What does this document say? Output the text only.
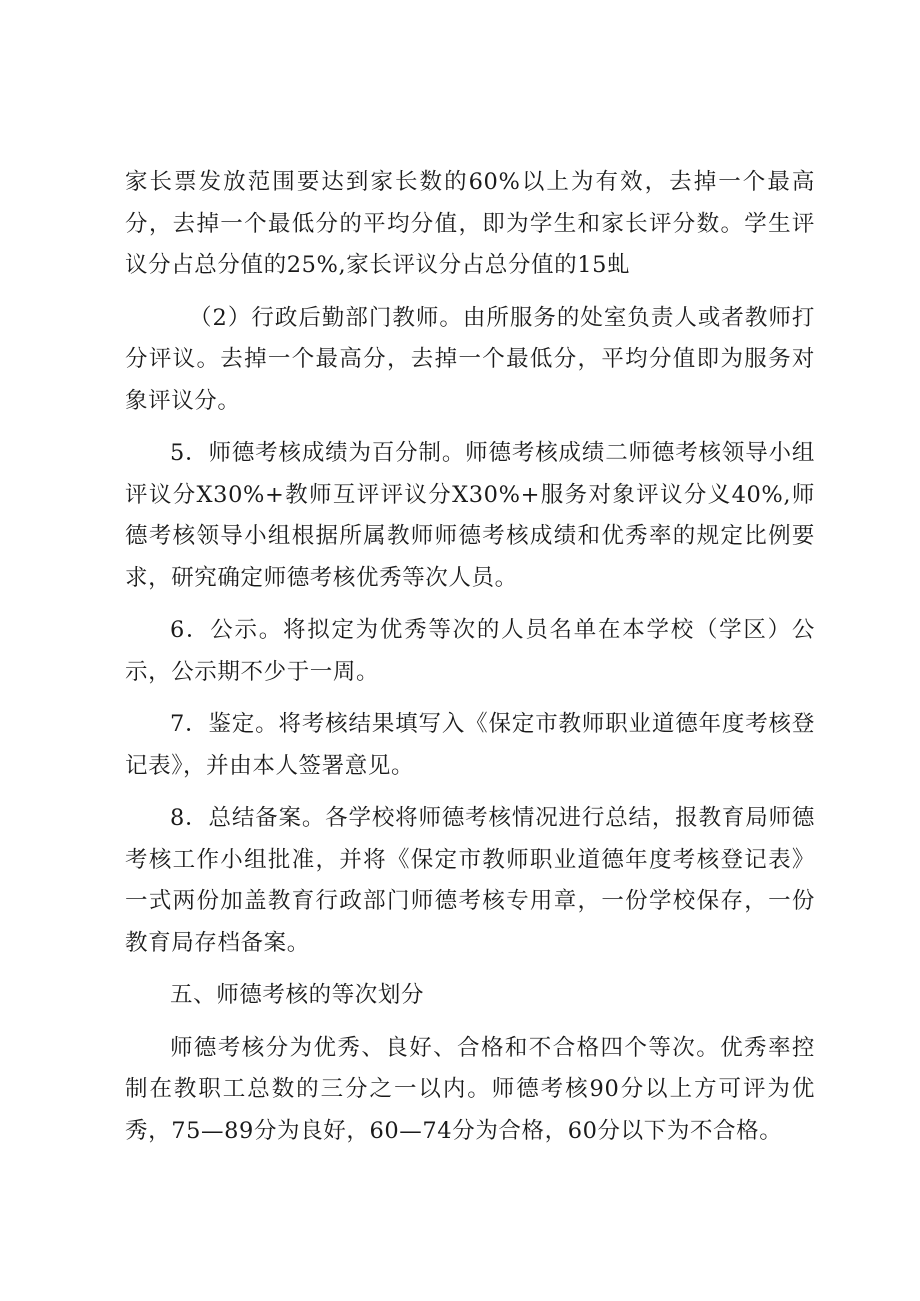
家长票发放范围要达到家长数的60%以上为有效，去掉一个最高分，去掉一个最低分的平均分值，即为学生和家长评分数。学生评议分占总分值的25%,家长评议分占总分值的15虬

（2）行政后勤部门教师。由所服务的处室负责人或者教师打分评议。去掉一个最高分，去掉一个最低分，平均分值即为服务对象评议分。

5．师德考核成绩为百分制。师德考核成绩二师德考核领导小组评议分X30%+教师互评评议分X30%+服务对象评议分义40%,师德考核领导小组根据所属教师师德考核成绩和优秀率的规定比例要求，研究确定师德考核优秀等次人员。

6．公示。将拟定为优秀等次的人员名单在本学校（学区）公示，公示期不少于一周。

7．鉴定。将考核结果填写入《保定市教师职业道德年度考核登记表》，并由本人签署意见。

8．总结备案。各学校将师德考核情况进行总结，报教育局师德考核工作小组批准，并将《保定市教师职业道德年度考核登记表》一式两份加盖教育行政部门师德考核专用章，一份学校保存，一份教育局存档备案。

五、师德考核的等次划分

师德考核分为优秀、良好、合格和不合格四个等次。优秀率控制在教职工总数的三分之一以内。师德考核90分以上方可评为优秀，75—89分为良好，60—74分为合格，60分以下为不合格。
